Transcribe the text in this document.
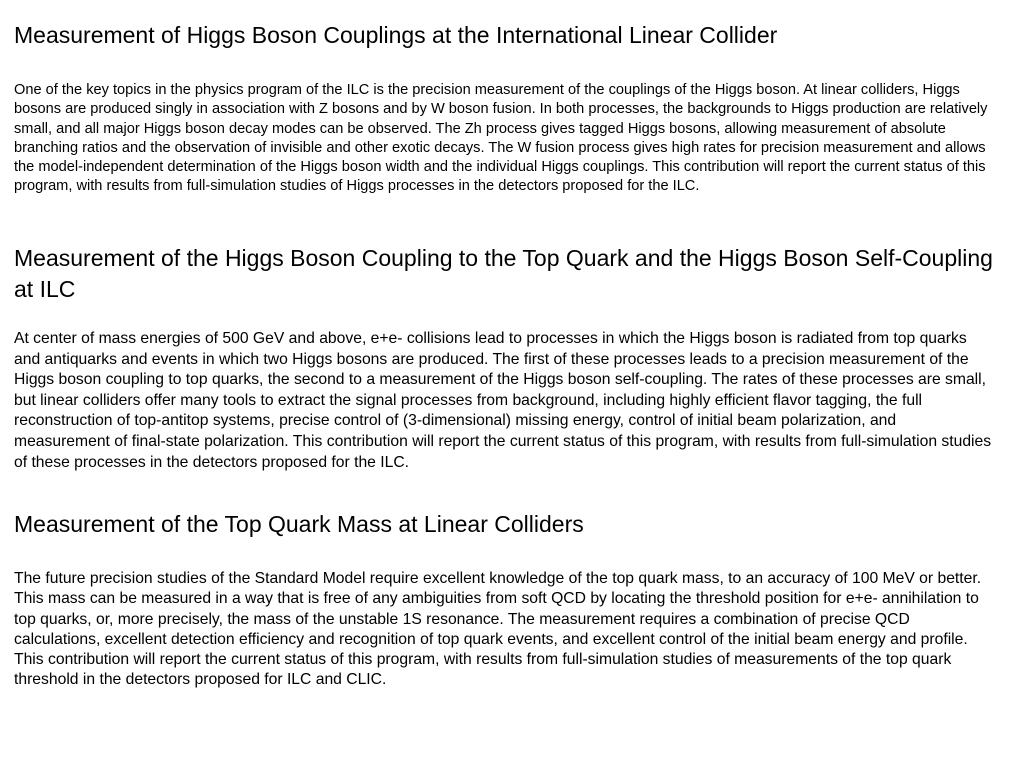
Measurement of Higgs Boson Couplings at the International Linear Collider

One of the key topics in the physics program of the ILC is the precision measurement of the couplings of the Higgs boson. At linear colliders, Higgs bosons are produced singly in association with Z bosons and by W boson fusion. In both processes, the backgrounds to Higgs production are relatively small, and all major Higgs boson decay modes can be observed. The Zh process gives tagged Higgs bosons, allowing measurement of absolute branching ratios and the observation of invisible and other exotic decays. The W fusion process gives high rates for precision measurement and allows the model-independent determination of the Higgs boson width and the individual Higgs couplings. This contribution will report the current status of this program, with results from full-simulation studies of Higgs processes in the detectors proposed for the ILC.

Measurement of the Higgs Boson Coupling to the Top Quark and the Higgs Boson Self-Coupling at ILC

At center of mass energies of 500 GeV and above, e+e- collisions lead to processes in which the Higgs boson is radiated from top quarks and antiquarks and events in which two Higgs bosons are produced. The first of these processes leads to a precision measurement of the Higgs boson coupling to top quarks, the second to a measurement of the Higgs boson self-coupling. The rates of these processes are small, but linear colliders offer many tools to extract the signal processes from background, including highly efficient flavor tagging, the full reconstruction of top-antitop systems, precise control of (3-dimensional) missing energy, control of initial beam polarization, and measurement of final-state polarization. This contribution will report the current status of this program, with results from full-simulation studies of these processes in the detectors proposed for the ILC.

Measurement of the Top Quark Mass at Linear Colliders

The future precision studies of the Standard Model require excellent knowledge of the top quark mass, to an accuracy of 100 MeV or better. This mass can be measured in a way that is free of any ambiguities from soft QCD by locating the threshold position for e+e- annihilation to top quarks, or, more precisely, the mass of the unstable 1S resonance. The measurement requires a combination of precise QCD calculations, excellent detection efficiency and recognition of top quark events, and excellent control of the initial beam energy and profile. This contribution will report the current status of this program, with results from full-simulation studies of measurements of the top quark threshold in the detectors proposed for ILC and CLIC.
